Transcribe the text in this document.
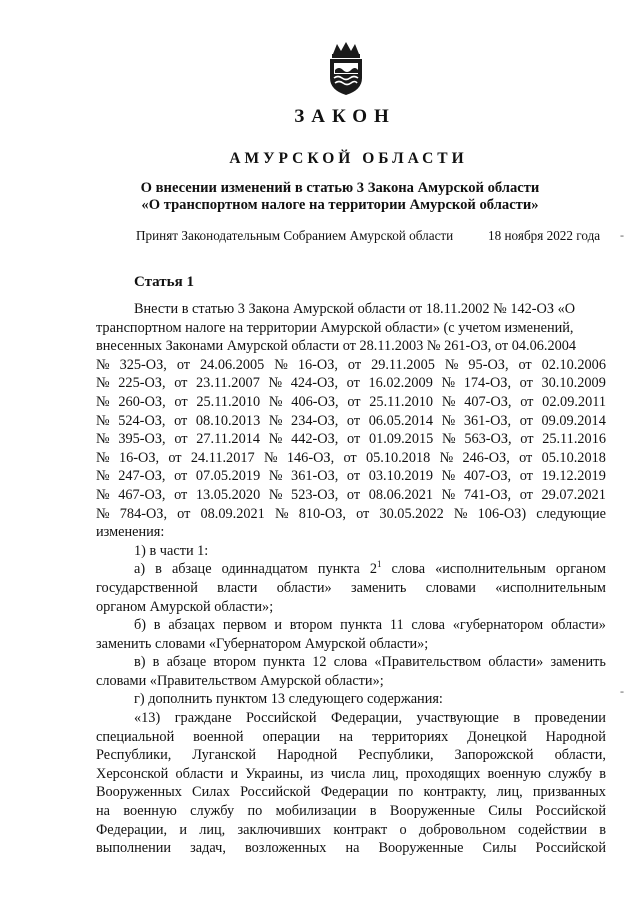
ЗАКОН
АМУРСКОЙ ОБЛАСТИ
О внесении изменений в статью 3 Закона Амурской области
«О транспортном налоге на территории Амурской области»
Принят Законодательным Собранием Амурской области	18 ноября 2022 года -
-
Статья 1
Внести в статью 3 Закона Амурской области от 18.11.2002 № 142-ОЗ «О
транспортном налоге на территории Амурской области» (с учетом изменений,
внесенных Законами Амурской области от 28.11.2003 № 261-ОЗ, от 04.06.2004
№ 325-ОЗ, от 24.06.2005 № 16-ОЗ, от 29.11.2005 № 95-ОЗ, от 02.10.2006
№ 225-ОЗ, от 23.11.2007 № 424-ОЗ, от 16.02.2009 № 174-ОЗ, от 30.10.2009
№ 260-ОЗ, от 25.11.2010 № 406-ОЗ, от 25.11.2010 № 407-ОЗ, от 02.09.2011
№ 524-ОЗ, от 08.10.2013 № 234-ОЗ, от 06.05.2014 № 361-ОЗ, от 09.09.2014
№ 395-ОЗ, от 27.11.2014 № 442-ОЗ, от 01.09.2015 № 563-ОЗ, от 25.11.2016
№ 16-ОЗ, от 24.11.2017 № 146-ОЗ, от 05.10.2018 № 246-ОЗ, от 05.10.2018
№ 247-ОЗ, от 07.05.2019 № 361-ОЗ, от 03.10.2019 № 407-ОЗ, от 19.12.2019
№ 467-ОЗ, от 13.05.2020 № 523-ОЗ, от 08.06.2021 № 741-ОЗ, от 29.07.2021
№ 784-ОЗ, от 08.09.2021 № 810-ОЗ, от 30.05.2022 № 106-ОЗ) следующие
изменения:
1) в части 1:
а) в абзаце одиннадцатом пункта $2^1$ слова «исполнительным органом
государственной власти области» заменить словами «исполнительным
органом Амурской области»;
б) в абзацах первом и втором пункта 11 слова «губернатором области»
заменить словами «Губернатором Амурской области»;
в) в абзаце втором пункта 12 слова «Правительством области» заменить
словами «Правительством Амурской области»;
г) дополнить пунктом 13 следующего содержания:
«13) граждане Российской Федерации, участвующие в проведении
специальной военной операции на территориях Донецкой Народной
Республики, Луганской Народной Республики, Запорожской области,
Херсонской области и Украины, из числа лиц, проходящих военную службу в
Вооруженных Силах Российской Федерации по контракту, лиц, призванных
на военную службу по мобилизации в Вооруженные Силы Российской
Федерации, и лиц, заключивших контракт о добровольном содействии в
выполнении задач, возложенных на Вооруженные Силы Российской
